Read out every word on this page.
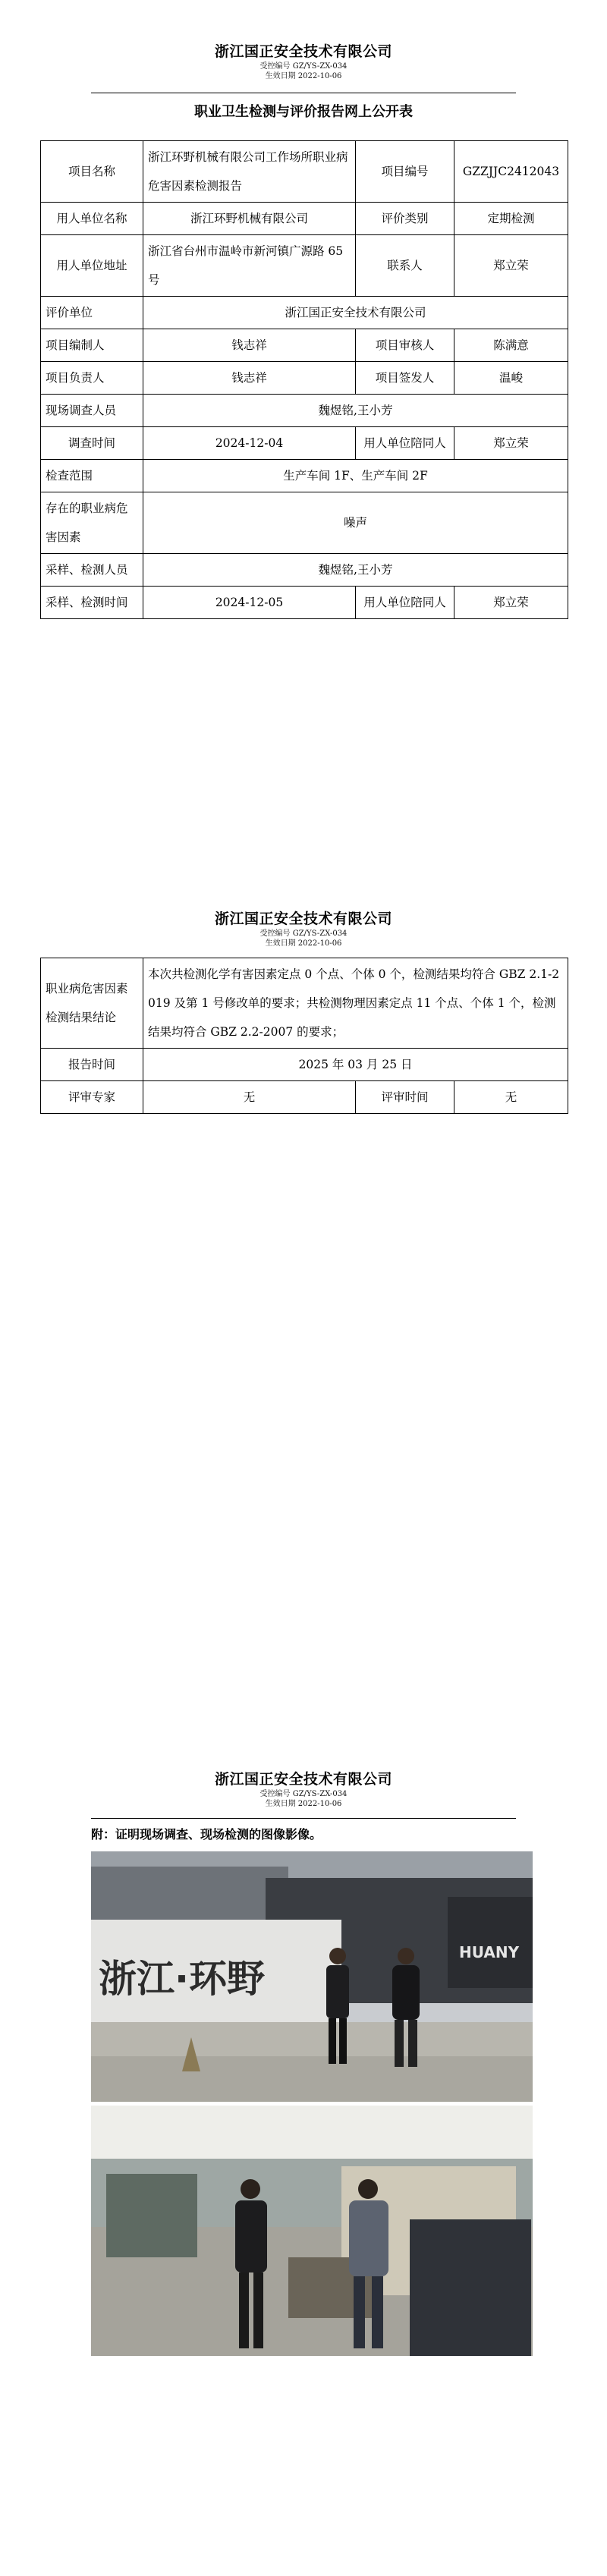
浙江国正安全技术有限公司
受控编号 GZ/YS-ZX-034
生效日期 2022-10-06
职业卫生检测与评价报告网上公开表
项目名称	浙江环野机械有限公司工作场所职业病危害因素检测报告	项目编号	GZZJJC2412043
用人单位名称	浙江环野机械有限公司	评价类别	定期检测
用人单位地址	浙江省台州市温岭市新河镇广源路 65 号	联系人	郑立荣
评价单位	浙江国正安全技术有限公司		
项目编制人	钱志祥	项目审核人	陈满意
项目负责人	钱志祥	项目签发人	温峻
现场调查人员	魏煜铭,王小芳		
调查时间	2024-12-04	用人单位陪同人	郑立荣
检查范围	生产车间 1F、生产车间 2F		
存在的职业病危害因素	噪声		
采样、检测人员	魏煜铭,王小芳		
采样、检测时间	2024-12-05	用人单位陪同人	郑立荣
浙江国正安全技术有限公司
受控编号 GZ/YS-ZX-034
生效日期 2022-10-06
职业病危害因素检测结果结论	本次共检测化学有害因素定点 0 个点、个体 0 个，检测结果均符合 GBZ 2.1-2019 及第 1 号修改单的要求；共检测物理因素定点 11 个点、个体 1 个，检测结果均符合 GBZ 2.2-2007 的要求；		
报告时间	2025 年 03 月 25 日		
评审专家	无	评审时间	无
浙江国正安全技术有限公司
受控编号 GZ/YS-ZX-034
生效日期 2022-10-06
附：证明现场调查、现场检测的图像影像。
浙江·环野
HUANY
